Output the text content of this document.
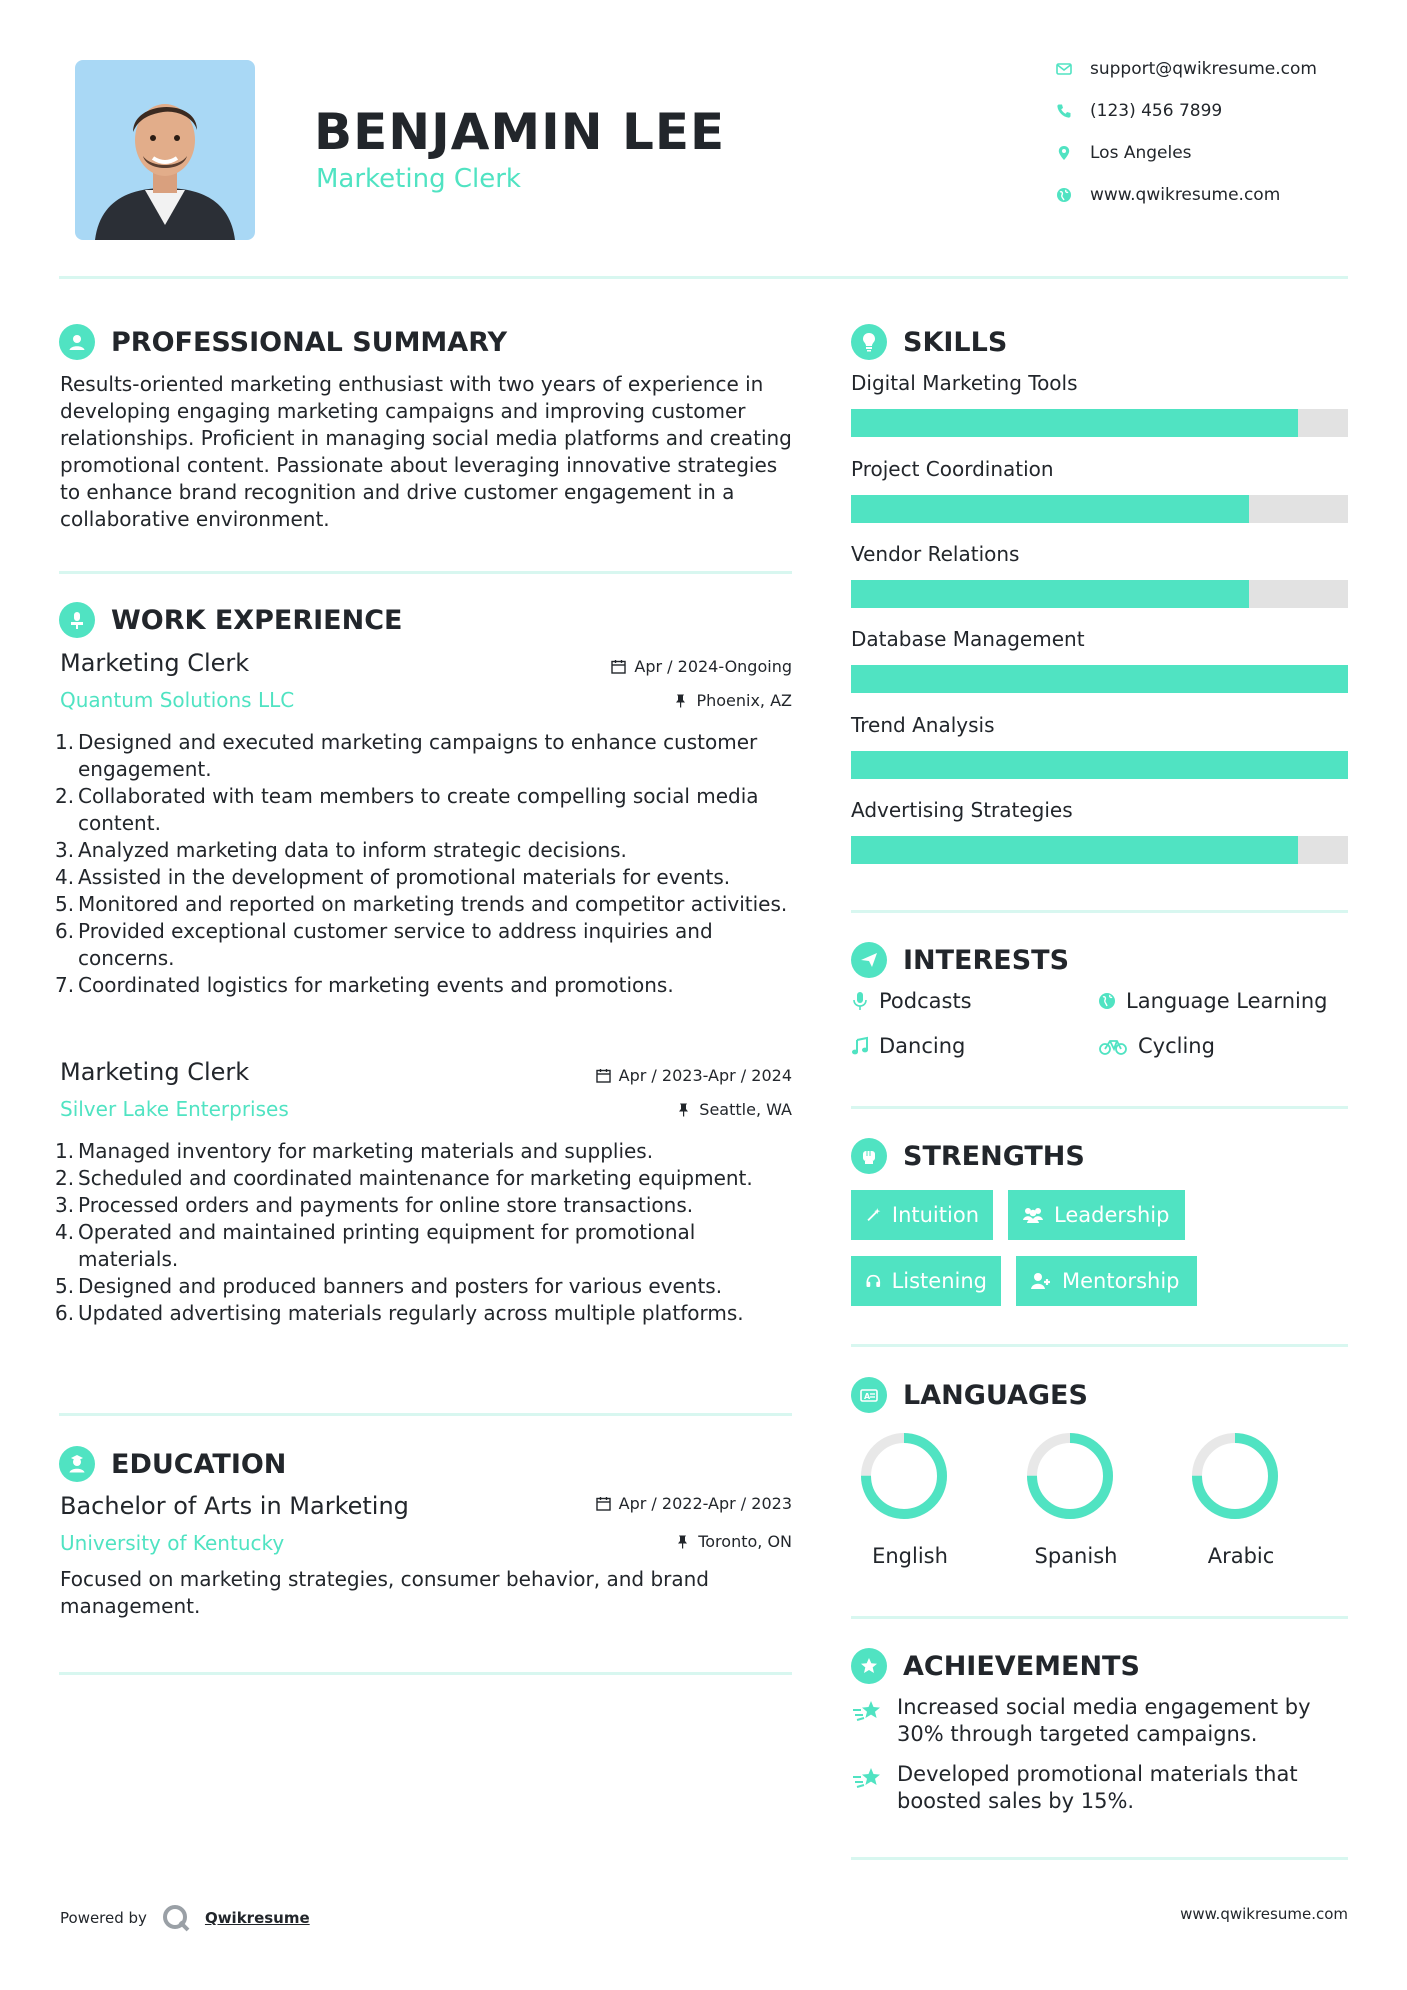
BENJAMIN LEE
Marketing Clerk
support@qwikresume.com
(123) 456 7899
Los Angeles
www.qwikresume.com
PROFESSIONAL SUMMARY
Results-oriented marketing enthusiast with two years of experience in developing engaging marketing campaigns and improving customer relationships. Proficient in managing social media platforms and creating promotional content. Passionate about leveraging innovative strategies to enhance brand recognition and drive customer engagement in a collaborative environment.
WORK EXPERIENCE
Marketing Clerk
Quantum Solutions LLC
Apr / 2024-Ongoing
Phoenix, AZ
Designed and executed marketing campaigns to enhance customer engagement.
Collaborated with team members to create compelling social media content.
Analyzed marketing data to inform strategic decisions.
Assisted in the development of promotional materials for events.
Monitored and reported on marketing trends and competitor activities.
Provided exceptional customer service to address inquiries and concerns.
Coordinated logistics for marketing events and promotions.
Marketing Clerk
Silver Lake Enterprises
Apr / 2023-Apr / 2024
Seattle, WA
Managed inventory for marketing materials and supplies.
Scheduled and coordinated maintenance for marketing equipment.
Processed orders and payments for online store transactions.
Operated and maintained printing equipment for promotional materials.
Designed and produced banners and posters for various events.
Updated advertising materials regularly across multiple platforms.
EDUCATION
Bachelor of Arts in Marketing
University of Kentucky
Apr / 2022-Apr / 2023
Toronto, ON
Focused on marketing strategies, consumer behavior, and brand management.
SKILLS
Digital Marketing Tools
Project Coordination
Vendor Relations
Database Management
Trend Analysis
Advertising Strategies
INTERESTS
Podcasts	Language Learning
Dancing	Cycling
STRENGTHS
Intuition	Leadership
Listening	Mentorship
A LANGUAGES
English	Spanish	Arabic
ACHIEVEMENTS
Increased social media engagement by 30% through targeted campaigns.
Developed promotional materials that boosted sales by 15%.
Powered by	Qwikresume	www.qwikresume.com
